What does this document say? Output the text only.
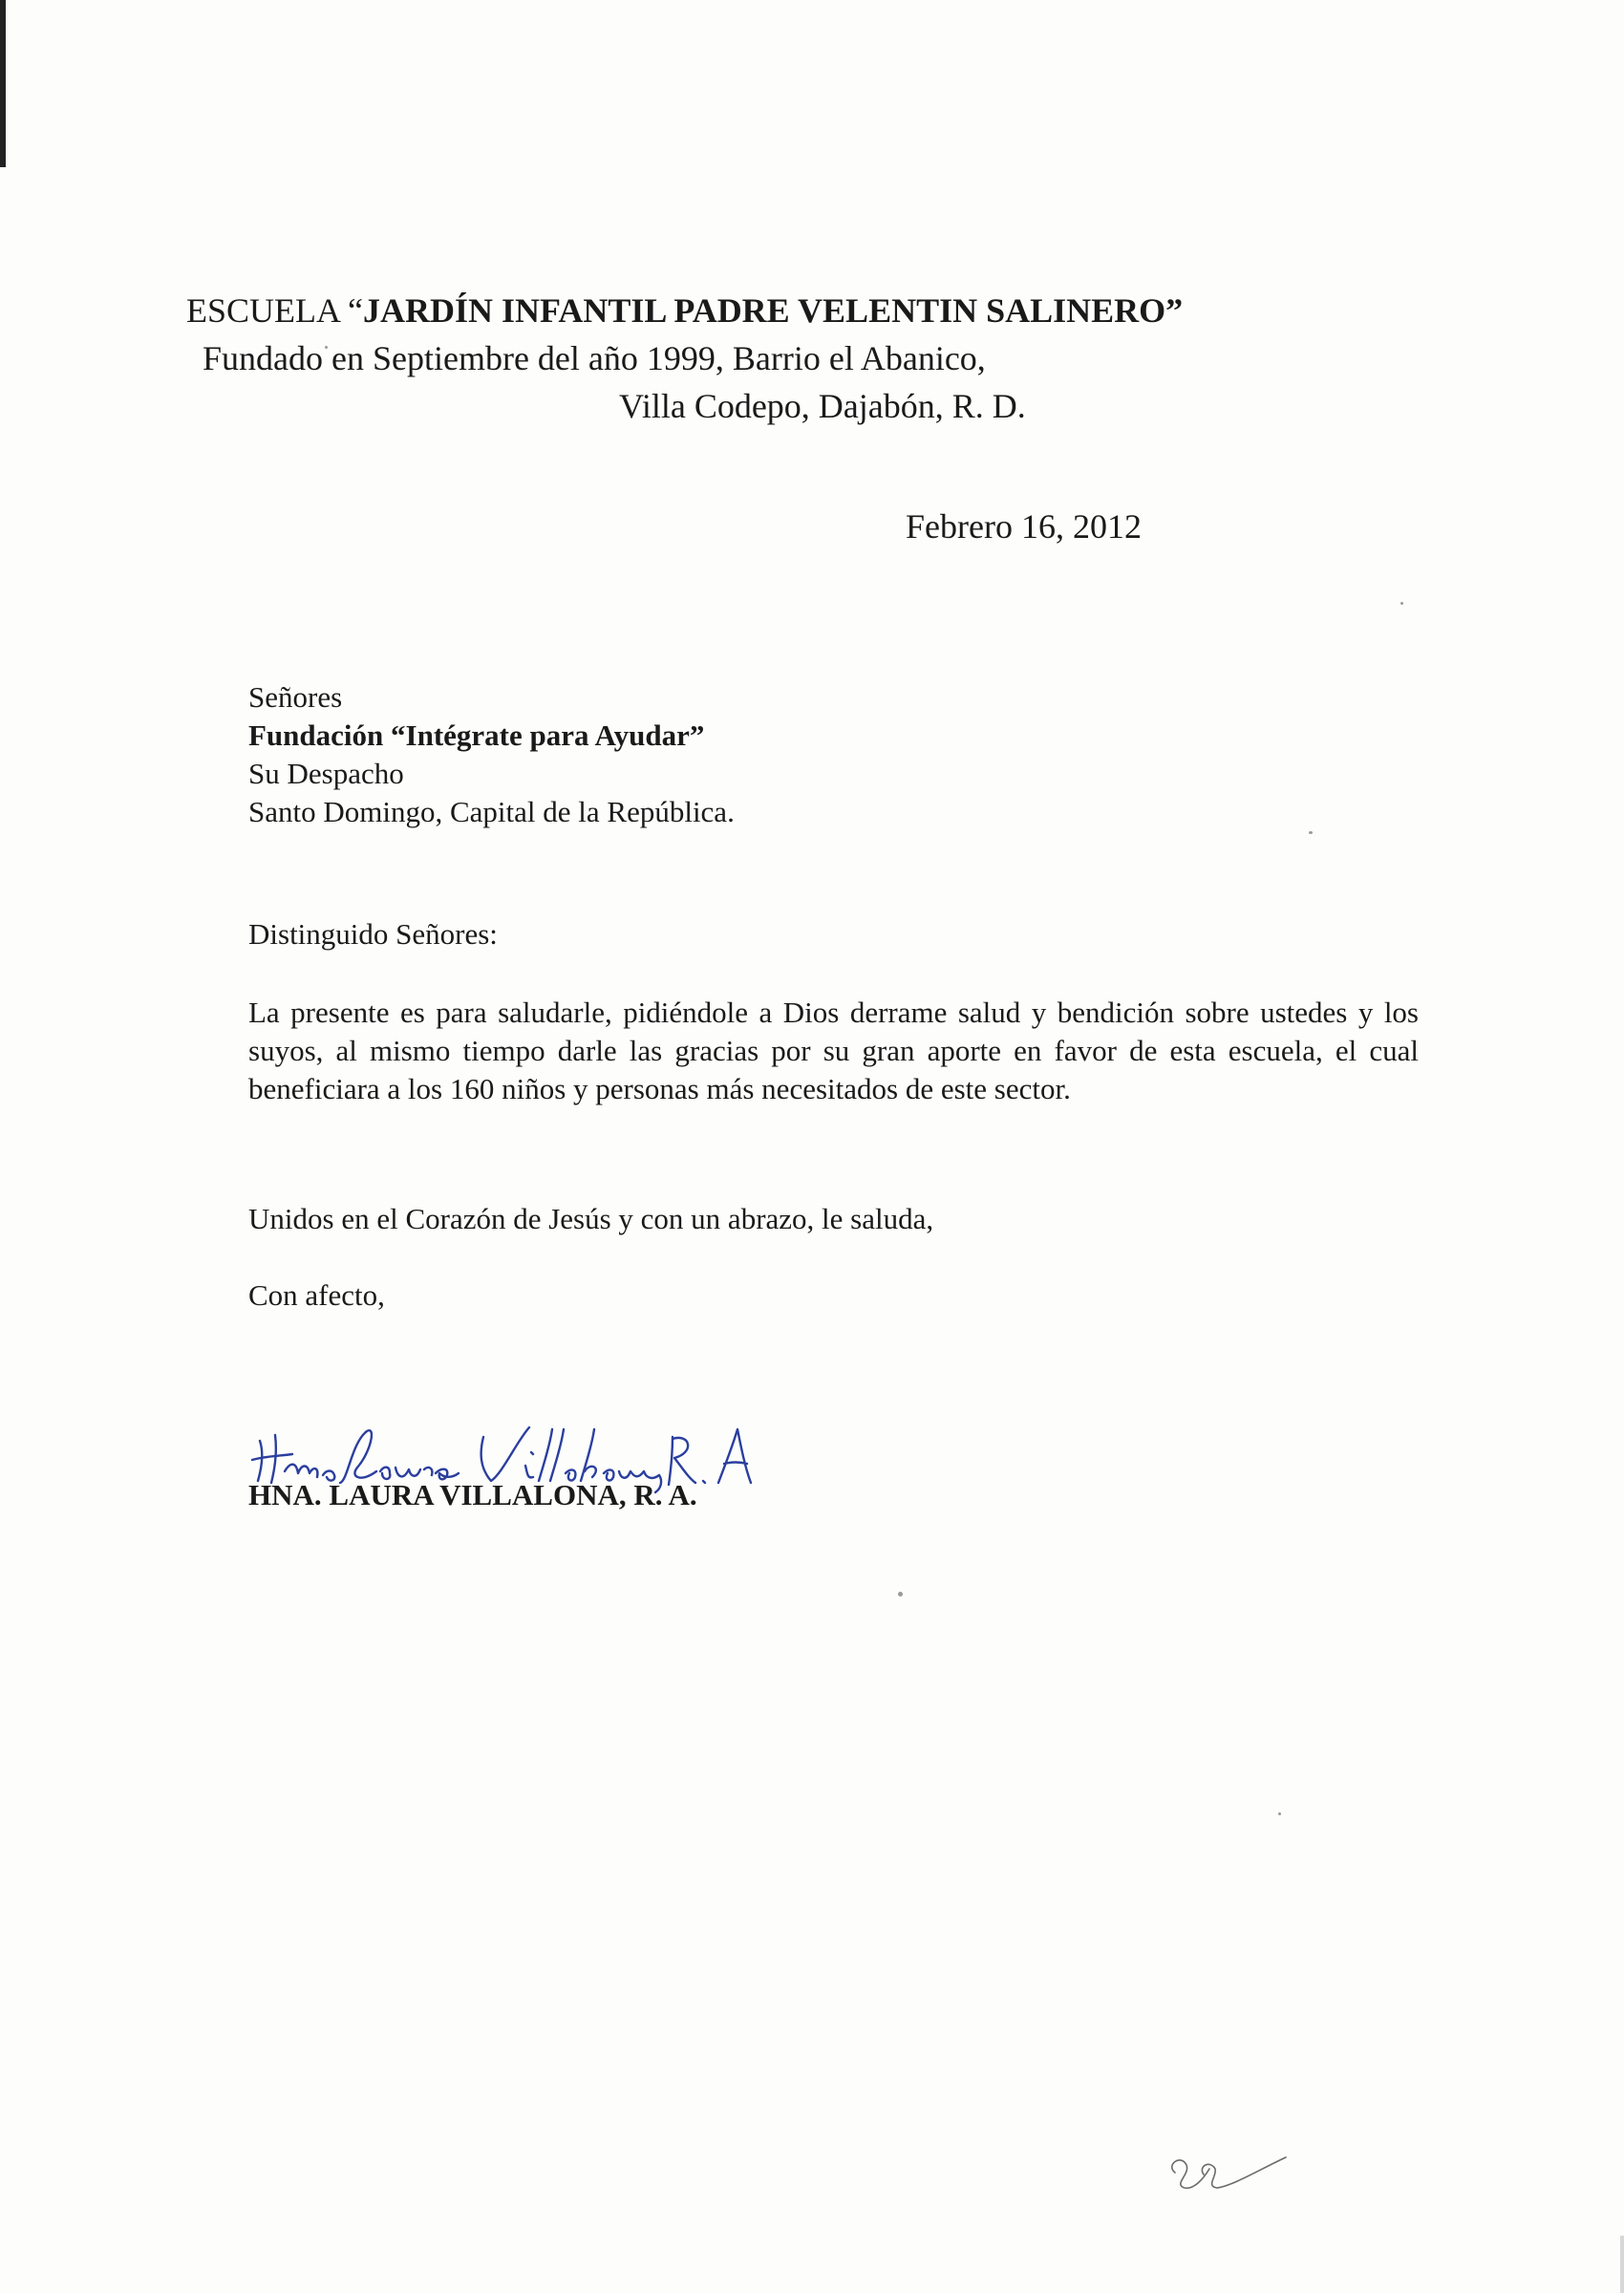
ESCUELA “JARDÍN INFANTIL PADRE VELENTIN SALINERO”
Fundado en Septiembre del año 1999, Barrio el Abanico,
Villa Codepo, Dajabón, R. D.
Febrero 16, 2012
Señores
Fundación “Intégrate para Ayudar”
Su Despacho
Santo Domingo, Capital de la República.
Distinguido Señores:
La presente es para saludarle, pidiéndole a Dios derrame salud y bendición sobre ustedes y los suyos, al mismo tiempo darle las gracias por su gran aporte en favor de esta escuela, el cual beneficiara a los 160 niños y personas más necesitados de este sector.
Unidos en el Corazón de Jesús y con un abrazo, le saluda,
Con afecto,
HNA. LAURA VILLALONA, R. A.
